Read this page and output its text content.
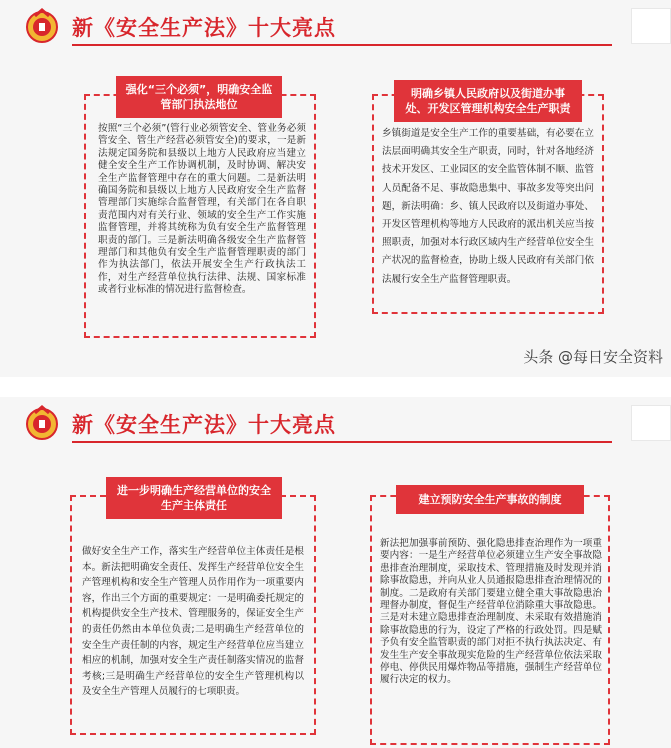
新《安全生产法》十大亮点
强化“三个必须”，明确安全监管部门执法地位
按照“三个必须”(管行业必须管安全、管业务必须管安全、管生产经营必须管安全)的要求，一是新法规定国务院和县级以上地方人民政府应当建立健全安全生产工作协调机制，及时协调、解决安全生产监督管理中存在的重大问题。二是新法明确国务院和县级以上地方人民政府安全生产监督管理部门实施综合监督管理，有关部门在各自职责范围内对有关行业、领域的安全生产工作实施监督管理，并将其统称为负有安全生产监督管理职责的部门。三是新法明确各级安全生产监督管理部门和其他负有安全生产监督管理职责的部门作为执法部门，依法开展安全生产行政执法工作，对生产经营单位执行法律、法规、国家标准或者行业标准的情况进行监督检查。
明确乡镇人民政府以及街道办事处、开发区管理机构安全生产职责
乡镇街道是安全生产工作的重要基础，有必要在立法层面明确其安全生产职责，同时，针对各地经济技术开发区、工业园区的安全监管体制不顺、监管人员配备不足、事故隐患集中、事故多发等突出问题，新法明确：乡、镇人民政府以及街道办事处、开发区管理机构等地方人民政府的派出机关应当按照职责，加强对本行政区域内生产经营单位安全生产状况的监督检查，协助上级人民政府有关部门依法履行安全生产监督管理职责。
头条 @每日安全资料
新《安全生产法》十大亮点
进一步明确生产经营单位的安全生产主体责任
做好安全生产工作，落实生产经营单位主体责任是根本。新法把明确安全责任、发挥生产经营单位安全生产管理机构和安全生产管理人员作用作为一项重要内容，作出三个方面的重要规定：一是明确委托规定的机构提供安全生产技术、管理服务的，保证安全生产的责任仍然由本单位负责;二是明确生产经营单位的安全生产责任制的内容，规定生产经营单位应当建立相应的机制，加强对安全生产责任制落实情况的监督考核;三是明确生产经营单位的安全生产管理机构以及安全生产管理人员履行的七项职责。
建立预防安全生产事故的制度
新法把加强事前预防、强化隐患排查治理作为一项重要内容：一是生产经营单位必须建立生产安全事故隐患排查治理制度，采取技术、管理措施及时发现并消除事故隐患，并向从业人员通报隐患排查治理情况的制度。二是政府有关部门要建立健全重大事故隐患治理督办制度，督促生产经营单位消除重大事故隐患。三是对未建立隐患排查治理制度、未采取有效措施消除事故隐患的行为，设定了严格的行政处罚。四是赋予负有安全监管职责的部门对拒不执行执法决定、有发生生产安全事故现实危险的生产经营单位依法采取停电、停供民用爆炸物品等措施，强制生产经营单位履行决定的权力。
